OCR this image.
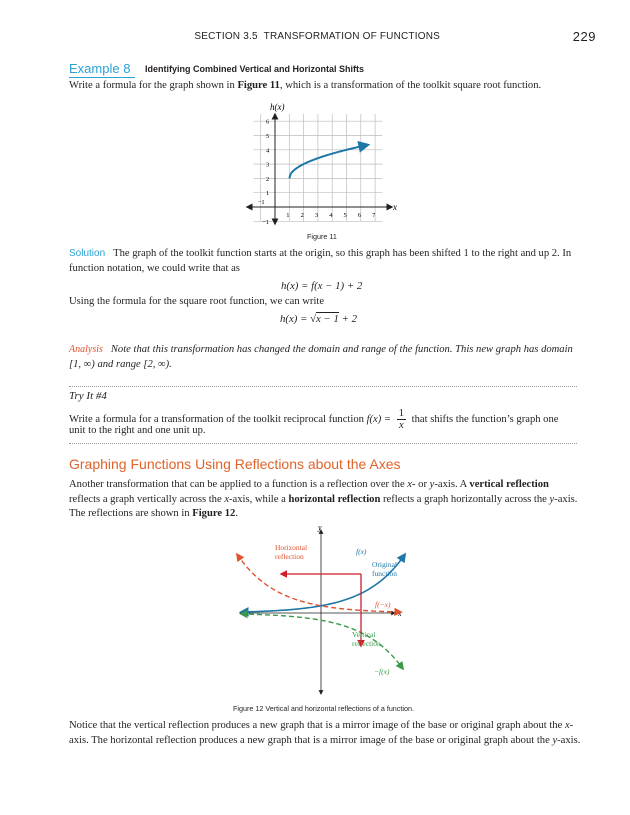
SECTION 3.5 TRANSFORMATION OF FUNCTIONS	229
Example 8	Identifying Combined Vertical and Horizontal Shifts
Write a formula for the graph shown in Figure 11, which is a transformation of the toolkit square root function.
−1
1 2 3 4 5 6 7
−1
1
2
3
4
5
6
h(x)
x
Figure 11
Solution The graph of the toolkit function starts at the origin, so this graph has been shifted 1 to the right and up 2. In function notation, we could write that as
h(x) = f(x − 1) + 2
Using the formula for the square root function, we can write
h(x) = √x − 1 + 2
Analysis Note that this transformation has changed the domain and range of the function. This new graph has domain [1, ∞) and range [2, ∞).
Try It #4
Write a formula for a transformation of the toolkit reciprocal function $f(x) = \frac{1}{x}$ that shifts the function’s graph one
unit to the right and one unit up.
Graphing Functions Using Reflections about the Axes
Another transformation that can be applied to a function is a reflection over the x- or y-axis. A vertical reflection reflects a graph vertically across the x-axis, while a horizontal reflection reflects a graph horizontally across the y-axis. The reflections are shown in Figure 12.
x
y
Horizontal reflection
f(x)
Original function
f(−x)
Vertical reflection
−f(x)
Figure 12 Vertical and horizontal reflections of a function.
Notice that the vertical reflection produces a new graph that is a mirror image of the base or original graph about the x-axis. The horizontal reflection produces a new graph that is a mirror image of the base or original graph about the y-axis.
